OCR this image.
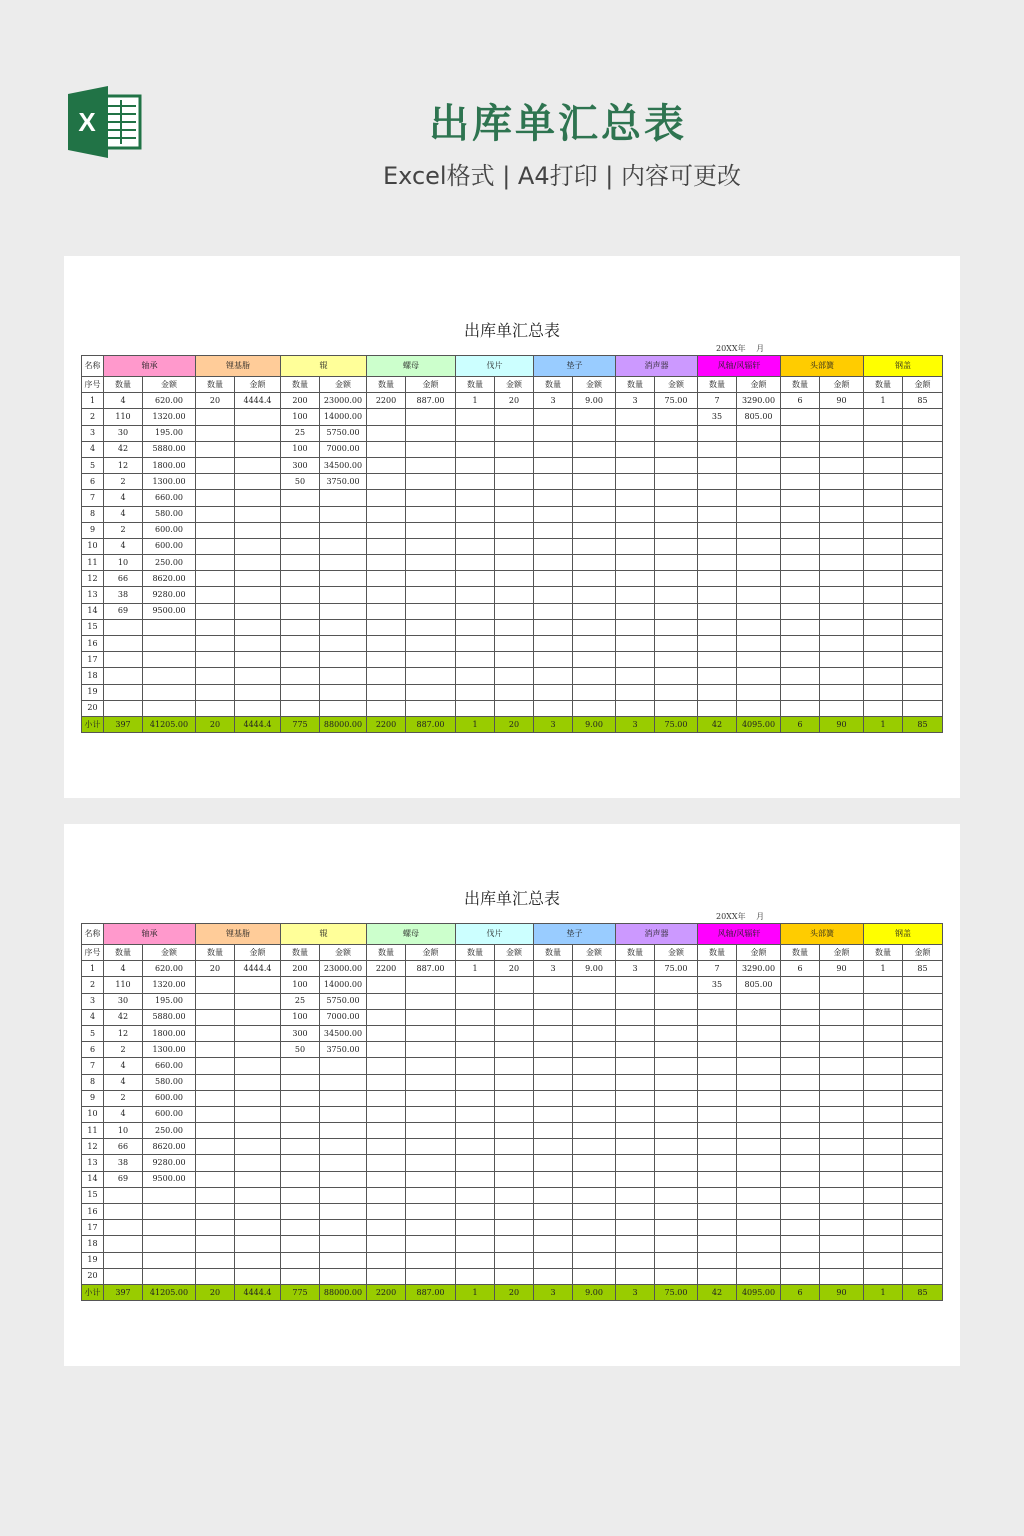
X	出库单汇总表
Excel格式 | A4打印 | 内容可更改
出库单汇总表
20XX年 月
名称	轴承		锂基脂		辊		螺母		伐片		垫子		消声器		风轴/风辐轩		头部簧		钢盖	
序号	数量	金额	数量	金额	数量	金额	数量	金额	数量	金额	数量	金额	数量	金额	数量	金额	数量	金额	数量	金额
1	4	620.00	20	4444.4	200	23000.00	2200	887.00	1	20	3	9.00	3	75.00	7	3290.00	6	90	1	85
2	110	1320.00			100	14000.00									35	805.00				
3	30	195.00			25	5750.00														
4	42	5880.00			100	7000.00														
5	12	1800.00			300	34500.00														
6	2	1300.00			50	3750.00														
7	4	660.00																		
8	4	580.00																		
9	2	600.00																		
10	4	600.00																		
11	10	250.00																		
12	66	8620.00																		
13	38	9280.00																		
14	69	9500.00																		
15																				
16																				
17																				
18																				
19																				
20																				
小计	397	41205.00	20	4444.4	775	88000.00	2200	887.00	1	20	3	9.00	3	75.00	42	4095.00	6	90	1	85
出库单汇总表
20XX年 月
名称	轴承		锂基脂		辊		螺母		伐片		垫子		消声器		风轴/风辐轩		头部簧		钢盖	
序号	数量	金额	数量	金额	数量	金额	数量	金额	数量	金额	数量	金额	数量	金额	数量	金额	数量	金额	数量	金额
1	4	620.00	20	4444.4	200	23000.00	2200	887.00	1	20	3	9.00	3	75.00	7	3290.00	6	90	1	85
2	110	1320.00			100	14000.00									35	805.00				
3	30	195.00			25	5750.00														
4	42	5880.00			100	7000.00														
5	12	1800.00			300	34500.00														
6	2	1300.00			50	3750.00														
7	4	660.00																		
8	4	580.00																		
9	2	600.00																		
10	4	600.00																		
11	10	250.00																		
12	66	8620.00																		
13	38	9280.00																		
14	69	9500.00																		
15																				
16																				
17																				
18																				
19																				
20																				
小计	397	41205.00	20	4444.4	775	88000.00	2200	887.00	1	20	3	9.00	3	75.00	42	4095.00	6	90	1	85
